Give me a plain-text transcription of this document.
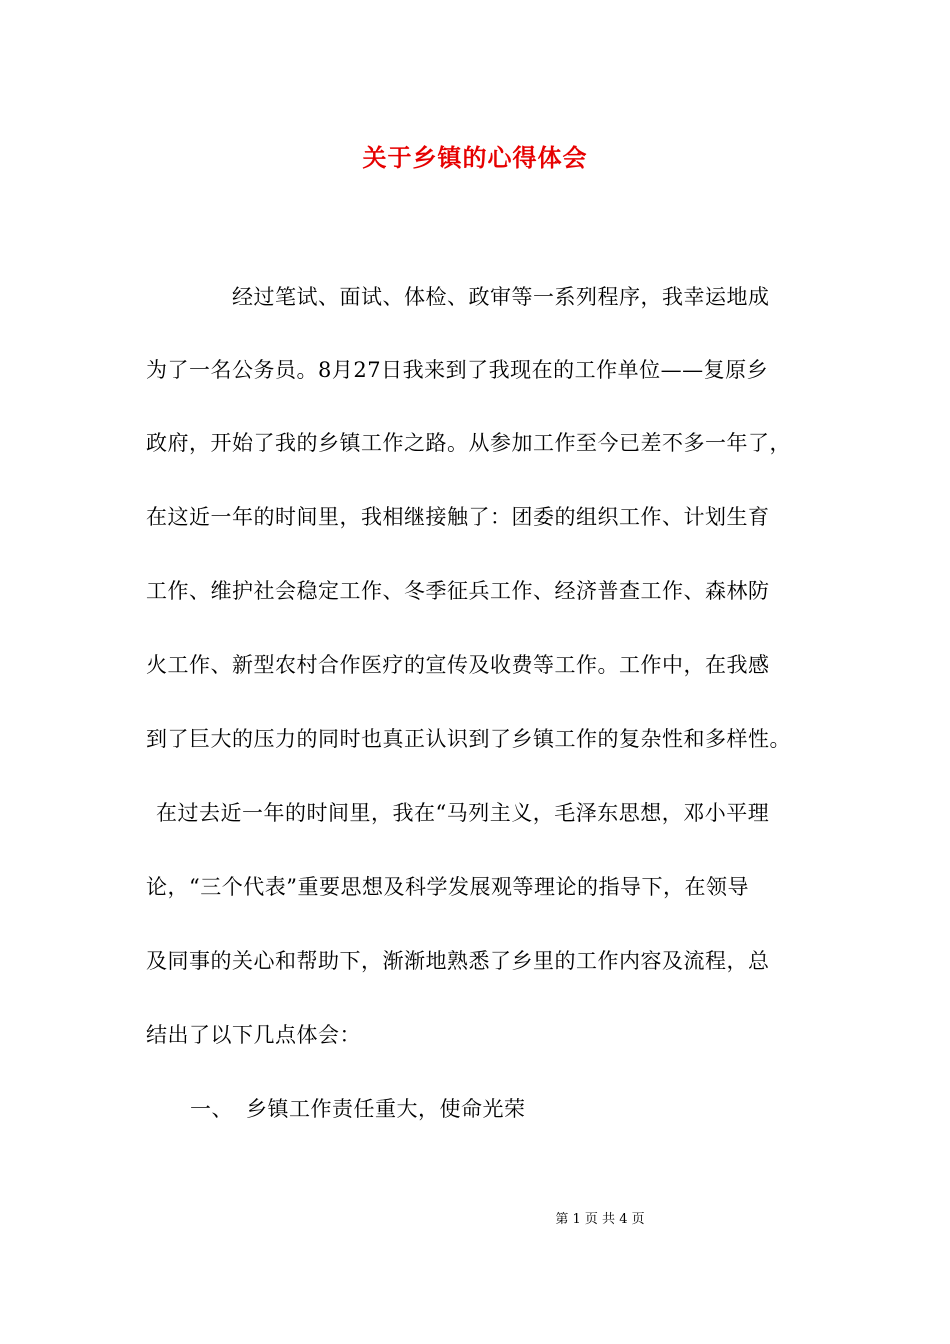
关于乡镇的心得体会
经过笔试、面试、体检、政审等一系列程序，我幸运地成
为了一名公务员。8月27日我来到了我现在的工作单位——复原乡
政府，开始了我的乡镇工作之路。从参加工作至今已差不多一年了，
在这近一年的时间里，我相继接触了：团委的组织工作、计划生育
工作、维护社会稳定工作、冬季征兵工作、经济普查工作、森林防
火工作、新型农村合作医疗的宣传及收费等工作。工作中，在我感
到了巨大的压力的同时也真正认识到了乡镇工作的复杂性和多样性。
在过去近一年的时间里，我在“马列主义，毛泽东思想，邓小平理
论，“三个代表”重要思想及科学发展观等理论的指导下，在领导
及同事的关心和帮助下，渐渐地熟悉了乡里的工作内容及流程，总
结出了以下几点体会：
一、 乡镇工作责任重大，使命光荣
第 1 页 共 4 页
